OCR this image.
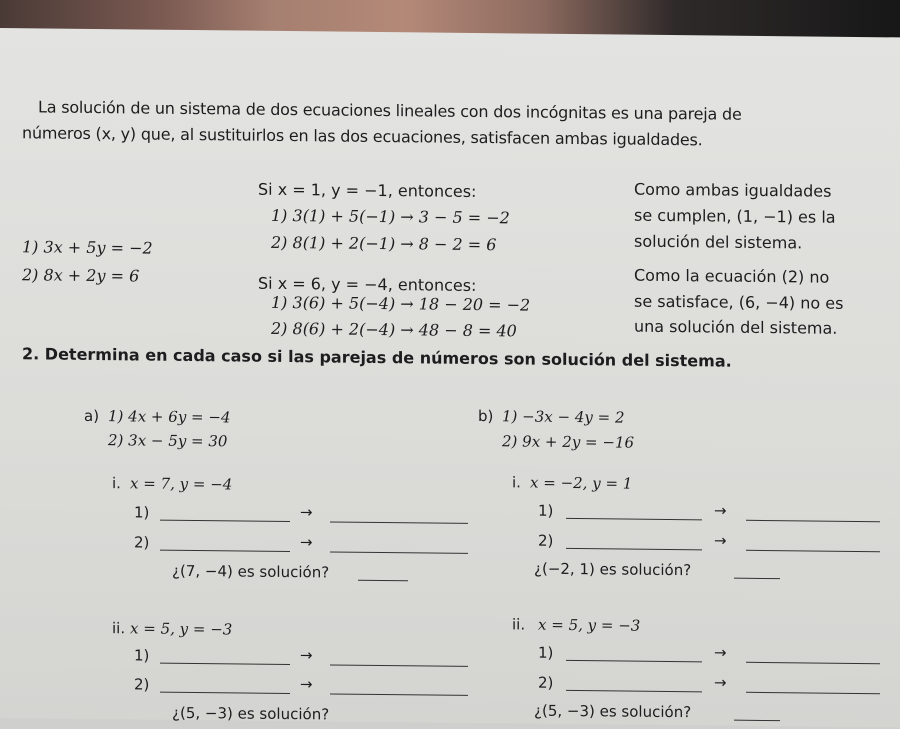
La solución de un sistema de dos ecuaciones lineales con dos incógnitas es una pareja de
números (x, y) que, al sustituirlos en las dos ecuaciones, satisfacen ambas igualdades.
1) 3x + 5y = −2
2) 8x + 2y = 6
Si x = 1, y = −1, entonces:
1) 3(1) + 5(−1) → 3 − 5 = −2
2) 8(1) + 2(−1) → 8 − 2 = 6
Como ambas igualdades
se cumplen, (1, −1) es la
solución del sistema.
Si x = 6, y = −4, entonces:
1) 3(6) + 5(−4) → 18 − 20 = −2
2) 8(6) + 2(−4) → 48 − 8 = 40
Como la ecuación (2) no
se satisface, (6, −4) no es
una solución del sistema.
2. Determina en cada caso si las parejas de números son solución del sistema.
a) 1) 4x + 6y = −4
2) 3x − 5y = 30
i. x = 7, y = −4
1)	→
2)	→
¿(7, −4) es solución?
ii. x = 5, y = −3
1)	→
2)	→
¿(5, −3) es solución?
b) 1) −3x − 4y = 2
2) 9x + 2y = −16
i. x = −2, y = 1
1)	→
2)	→
¿(−2, 1) es solución?
ii. x = 5, y = −3
1)	→
2)	→
¿(5, −3) es solución?
